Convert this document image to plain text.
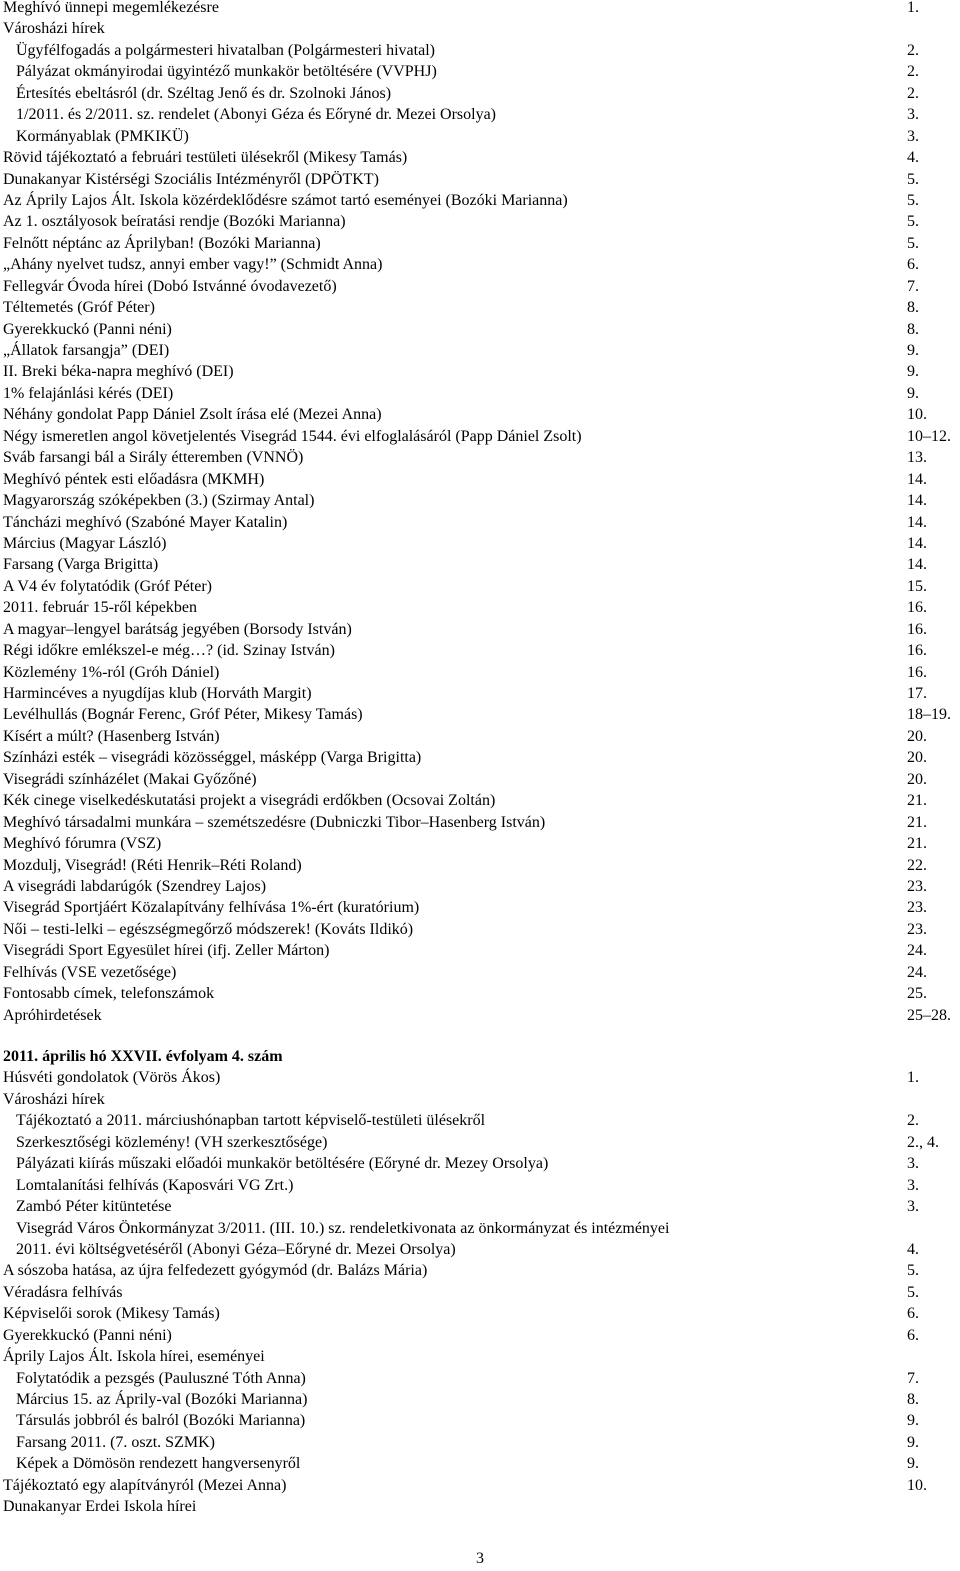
Meghívó ünnepi megemlékezésre	1.
Városházi hírek
Ügyfélfogadás a polgármesteri hivatalban (Polgármesteri hivatal)	2.
Pályázat okmányirodai ügyintéző munkakör betöltésére (VVPHJ)	2.
Értesítés ebeltásról (dr. Széltag Jenő és dr. Szolnoki János)	2.
1/2011. és 2/2011. sz. rendelet (Abonyi Géza és Eőryné dr. Mezei Orsolya)	3.
Kormányablak (PMKIKÜ)	3.
Rövid tájékoztató a februári testületi ülésekről (Mikesy Tamás)	4.
Dunakanyar Kistérségi Szociális Intézményről (DPÖTKT)	5.
Az Áprily Lajos Ált. Iskola közérdeklődésre számot tartó eseményei (Bozóki Marianna)	5.
Az 1. osztályosok beíratási rendje (Bozóki Marianna)	5.
Felnőtt néptánc az Áprilyban! (Bozóki Marianna)	5.
„Ahány nyelvet tudsz, annyi ember vagy!” (Schmidt Anna)	6.
Fellegvár Óvoda hírei (Dobó Istvánné óvodavezető)	7.
Téltemetés (Gróf Péter)	8.
Gyerekkuckó (Panni néni)	8.
„Állatok farsangja” (DEI)	9.
II. Breki béka-napra meghívó (DEI)	9.
1% felajánlási kérés (DEI)	9.
Néhány gondolat Papp Dániel Zsolt írása elé (Mezei Anna)	10.
Négy ismeretlen angol követjelentés Visegrád 1544. évi elfoglalásáról (Papp Dániel Zsolt)	10–12.
Sváb farsangi bál a Sirály étteremben (VNNÖ)	13.
Meghívó péntek esti előadásra (MKMH)	14.
Magyarország szóképekben (3.) (Szirmay Antal)	14.
Táncházi meghívó (Szabóné Mayer Katalin)	14.
Március (Magyar László)	14.
Farsang (Varga Brigitta)	14.
A V4 év folytatódik (Gróf Péter)	15.
2011. február 15-ről képekben	16.
A magyar–lengyel barátság jegyében (Borsody István)	16.
Régi időkre emlékszel-e még…? (id. Szinay István)	16.
Közlemény 1%-ról (Gróh Dániel)	16.
Harmincéves a nyugdíjas klub (Horváth Margit)	17.
Levélhullás (Bognár Ferenc, Gróf Péter, Mikesy Tamás)	18–19.
Kísért a múlt? (Hasenberg István)	20.
Színházi esték – visegrádi közösséggel, másképp (Varga Brigitta)	20.
Visegrádi színházélet (Makai Győzőné)	20.
Kék cinege viselkedéskutatási projekt a visegrádi erdőkben (Ocsovai Zoltán)	21.
Meghívó társadalmi munkára – szemétszedésre (Dubniczki Tibor–Hasenberg István)	21.
Meghívó fórumra (VSZ)	21.
Mozdulj, Visegrád! (Réti Henrik–Réti Roland)	22.
A visegrádi labdarúgók (Szendrey Lajos)	23.
Visegrád Sportjáért Közalapítvány felhívása 1%-ért (kuratórium)	23.
Női – testi-lelki – egészségmegőrző módszerek! (Kováts Ildikó)	23.
Visegrádi Sport Egyesület hírei (ifj. Zeller Márton)	24.
Felhívás (VSE vezetősége)	24.
Fontosabb címek, telefonszámok	25.
Apróhirdetések	25–28.
2011. április hó XXVII. évfolyam 4. szám
Húsvéti gondolatok (Vörös Ákos)	1.
Városházi hírek
Tájékoztató a 2011. márciushónapban tartott képviselő-testületi ülésekről	2.
Szerkesztőségi közlemény! (VH szerkesztősége)	2., 4.
Pályázati kiírás műszaki előadói munkakör betöltésére (Eőryné dr. Mezey Orsolya)	3.
Lomtalanítási felhívás (Kaposvári VG Zrt.)	3.
Zambó Péter kitüntetése	3.
Visegrád Város Önkormányzat 3/2011. (III. 10.) sz. rendeletkivonata az önkormányzat és intézményei
2011. évi költségvetéséről (Abonyi Géza–Eőryné dr. Mezei Orsolya)	4.
A sószoba hatása, az újra felfedezett gyógymód (dr. Balázs Mária)	5.
Véradásra felhívás	5.
Képviselői sorok (Mikesy Tamás)	6.
Gyerekkuckó (Panni néni)	6.
Áprily Lajos Ált. Iskola hírei, eseményei
Folytatódik a pezsgés (Pauluszné Tóth Anna)	7.
Március 15. az Áprily-val (Bozóki Marianna)	8.
Társulás jobbról és balról (Bozóki Marianna)	9.
Farsang 2011. (7. oszt. SZMK)	9.
Képek a Dömösön rendezett hangversenyről	9.
Tájékoztató egy alapítványról (Mezei Anna)	10.
Dunakanyar Erdei Iskola hírei
3
